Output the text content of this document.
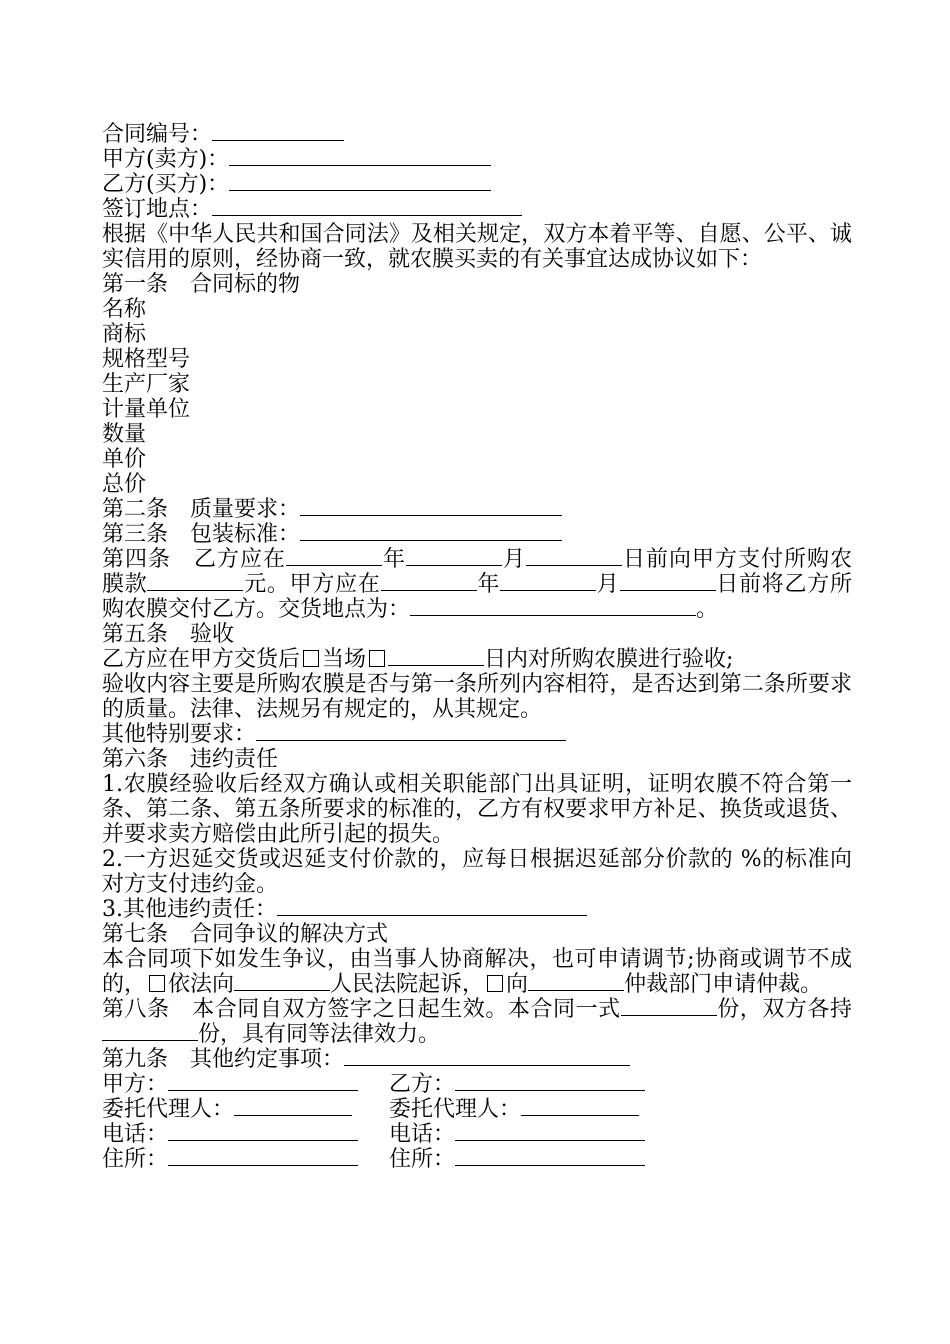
合同编号：
甲方(卖方)：
乙方(买方)：
签订地点：
根据《中华人民共和国合同法》及相关规定，双方本着平等、自愿、公平、诚实信用的原则，经协商一致，就农膜买卖的有关事宜达成协议如下：
第一条　合同标的物
名称
商标
规格型号
生产厂家
计量单位
数量
单价
总价
第二条　质量要求：
第三条　包装标准：
第四条　乙方应在	年	月	日前向甲方支付所购农膜款	元。甲方应在	年	月	日前将乙方所购农膜交付乙方。交货地点为：	。
第五条　验收
乙方应在甲方交货后 当场	日内对所购农膜进行验收;
验收内容主要是所购农膜是否与第一条所列内容相符，是否达到第二条所要求的质量。法律、法规另有规定的，从其规定。
其他特别要求：
第六条　违约责任
1.农膜经验收后经双方确认或相关职能部门出具证明，证明农膜不符合第一条、第二条、第五条所要求的标准的，乙方有权要求甲方补足、换货或退货、并要求卖方赔偿由此所引起的损失。
2.一方迟延交货或迟延支付价款的，应每日根据迟延部分价款的 %的标准向对方支付违约金。
3.其他违约责任：
第七条　合同争议的解决方式
本合同项下如发生争议，由当事人协商解决，也可申请调节;协商或调节不成的， 依法向	人民法院起诉， 向	仲裁部门申请仲裁。
第八条　本合同自双方签字之日起生效。本合同一式	份，双方各持份，具有同等法律效力。
第九条　其他约定事项：
甲方：	乙方：
委托代理人：	委托代理人：
电话：	电话：
住所：	住所：
